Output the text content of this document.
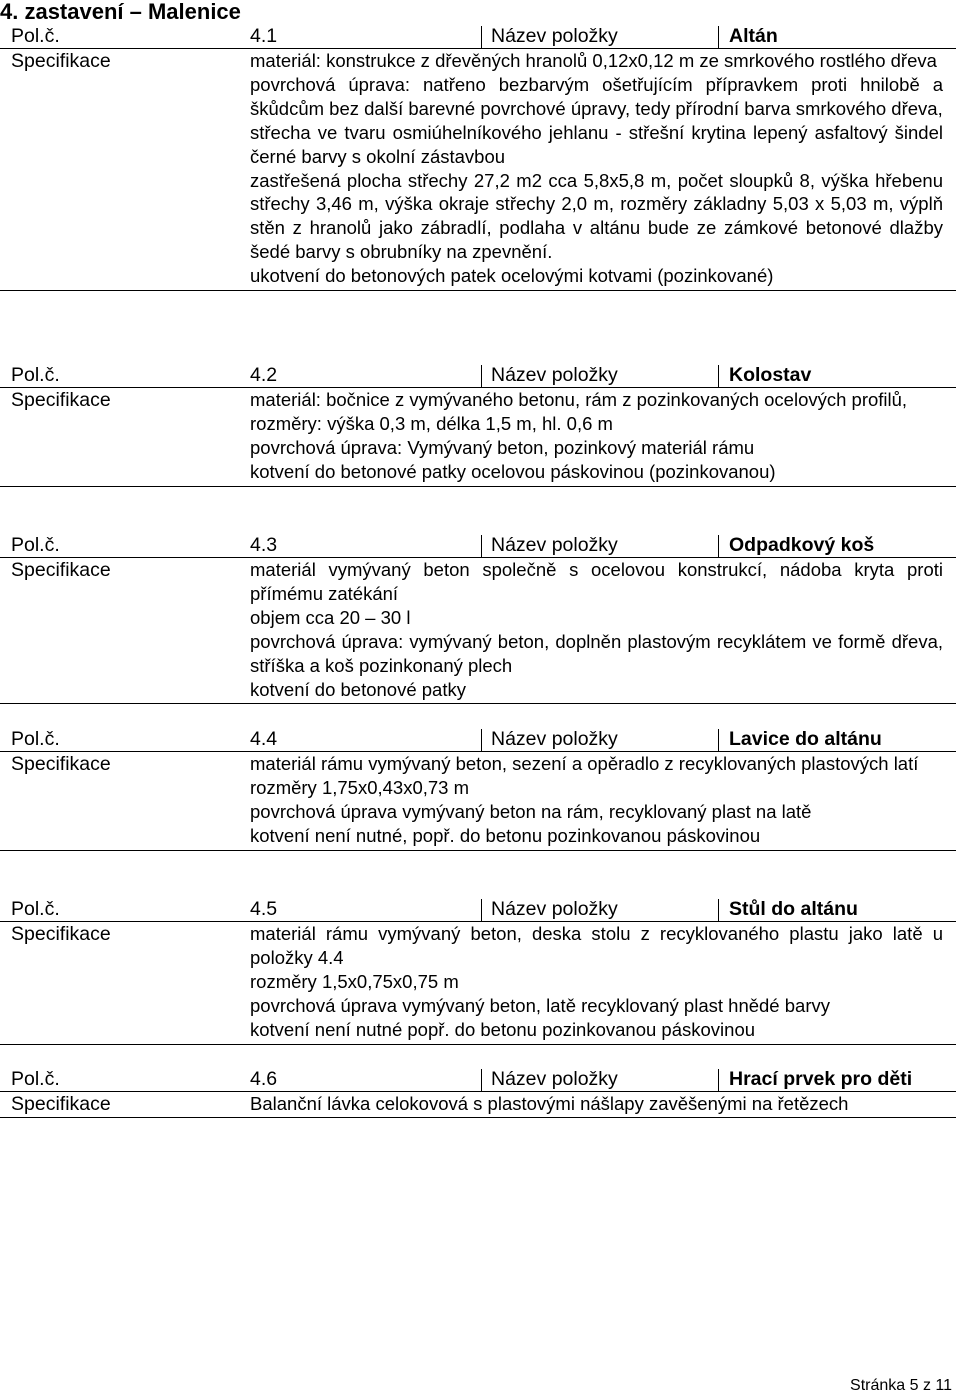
4. zastavení – Malenice
Pol.č.	4.1	Název položky	Altán
Specifikace	materiál: konstrukce z dřevěných hranolů 0,12x0,12 m ze smrkového rostlého dřeva
povrchová úprava: natřeno bezbarvým ošetřujícím přípravkem proti hnilobě a škůdcům bez další barevné povrchové úpravy, tedy přírodní barva smrkového dřeva,
střecha ve tvaru osmiúhelníkového jehlanu - střešní krytina lepený asfaltový šindel černé barvy s okolní zástavbou
zastřešená plocha střechy 27,2 m2 cca 5,8x5,8 m, počet sloupků 8, výška hřebenu střechy 3,46 m, výška okraje střechy 2,0 m, rozměry základny 5,03 x 5,03 m, výplň stěn z hranolů jako zábradlí, podlaha v altánu bude ze zámkové betonové dlažby šedé barvy s obrubníky na zpevnění.
ukotvení do betonových patek ocelovými kotvami (pozinkované)
Pol.č.	4.2	Název položky	Kolostav
Specifikace	materiál: bočnice z vymývaného betonu, rám z pozinkovaných ocelových profilů,
rozměry: výška 0,3 m, délka 1,5 m, hl. 0,6 m
povrchová úprava: Vymývaný beton, pozinkový materiál rámu
kotvení do betonové patky ocelovou páskovinou (pozinkovanou)
Pol.č.	4.3	Název položky	Odpadkový koš
Specifikace	materiál vymývaný beton společně s ocelovou konstrukcí, nádoba kryta proti přímému zatékání
objem cca 20 – 30 l
povrchová úprava: vymývaný beton, doplněn plastovým recyklátem ve formě dřeva, stříška a koš pozinkonaný plech
kotvení do betonové patky
Pol.č.	4.4	Název položky	Lavice do altánu
Specifikace	materiál rámu vymývaný beton, sezení a opěradlo z recyklovaných plastových latí
rozměry 1,75x0,43x0,73 m
povrchová úprava vymývaný beton na rám, recyklovaný plast na latě
kotvení není nutné, popř. do betonu pozinkovanou páskovinou
Pol.č.	4.5	Název položky	Stůl do altánu
Specifikace	materiál rámu vymývaný beton, deska stolu z recyklovaného plastu jako latě u položky 4.4
rozměry 1,5x0,75x0,75 m
povrchová úprava vymývaný beton, latě recyklovaný plast hnědé barvy
kotvení není nutné popř. do betonu pozinkovanou páskovinou
Pol.č.	4.6	Název položky	Hrací prvek pro děti
Specifikace	Balanční lávka celokovová s plastovými nášlapy zavěšenými na řetězech
Stránka 5 z 11
